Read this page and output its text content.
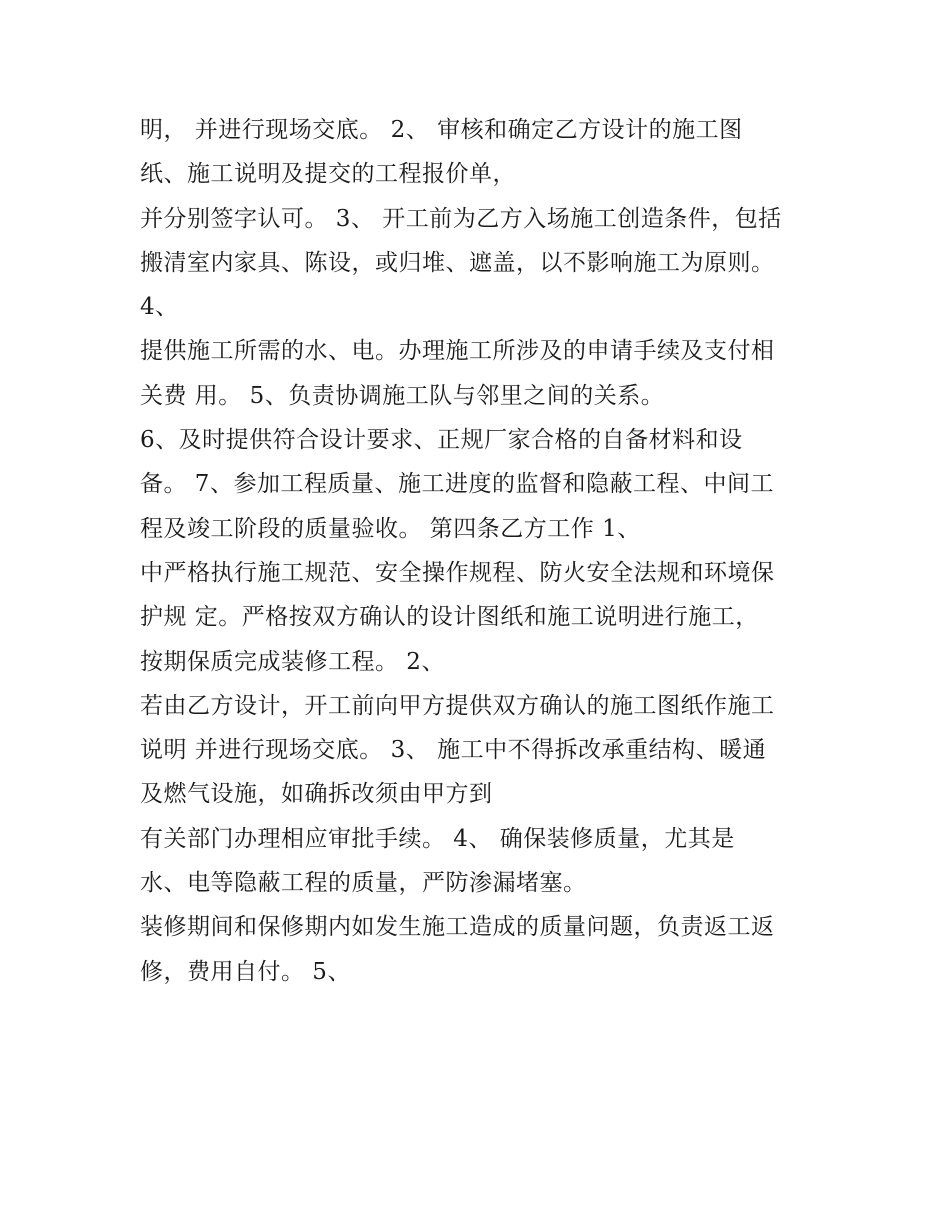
明， 并进行现场交底。 2、 审核和确定乙方设计的施工图
纸、施工说明及提交的工程报价单，
并分别签字认可。 3、 开工前为乙方入场施工创造条件，包括
搬清室内家具、陈设，或归堆、遮盖，以不影响施工为原则。
4、
提供施工所需的水、电。办理施工所涉及的申请手续及支付相
关费 用。 5、负责协调施工队与邻里之间的关系。
6、及时提供符合设计要求、正规厂家合格的自备材料和设
备。 7、参加工程质量、施工进度的监督和隐蔽工程、中间工
程及竣工阶段的质量验收。 第四条乙方工作 1、
中严格执行施工规范、安全操作规程、防火安全法规和环境保
护规 定。严格按双方确认的设计图纸和施工说明进行施工，
按期保质完成装修工程。 2、
若由乙方设计，开工前向甲方提供双方确认的施工图纸作施工
说明 并进行现场交底。 3、 施工中不得拆改承重结构、暖通
及燃气设施，如确拆改须由甲方到
有关部门办理相应审批手续。 4、 确保装修质量，尤其是
水、电等隐蔽工程的质量，严防渗漏堵塞。
装修期间和保修期内如发生施工造成的质量问题，负责返工返
修，费用自付。 5、
